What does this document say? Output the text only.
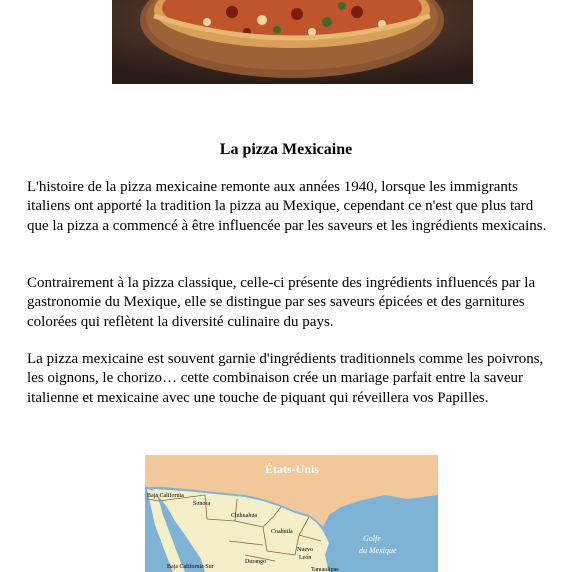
La pizza Mexicaine

L'histoire de la pizza mexicaine remonte aux années 1940, lorsque les immigrants italiens ont apporté la tradition la pizza au Mexique, cependant ce n'est que plus tard que la pizza a commencé à être influencée par les saveurs et les ingrédients mexicains.

Contrairement à la pizza classique, celle-ci présente des ingrédients influencés par la gastronomie du Mexique, elle se distingue par ses saveurs épicées et des garnitures colorées qui reflètent la diversité culinaire du pays.

La pizza mexicaine est souvent garnie d'ingrédients traditionnels comme les poivrons, les oignons, le chorizo… cette combinaison crée un mariage parfait entre la saveur italienne et mexicaine avec une touche de piquant qui réveillera vos Papilles.

États-Unis
Baja California
Sonora
Chihuahua
Coahuila
Nuevo
León
Golfe
du Mexique
Baja California Sur
Durango
Tamaulipas
